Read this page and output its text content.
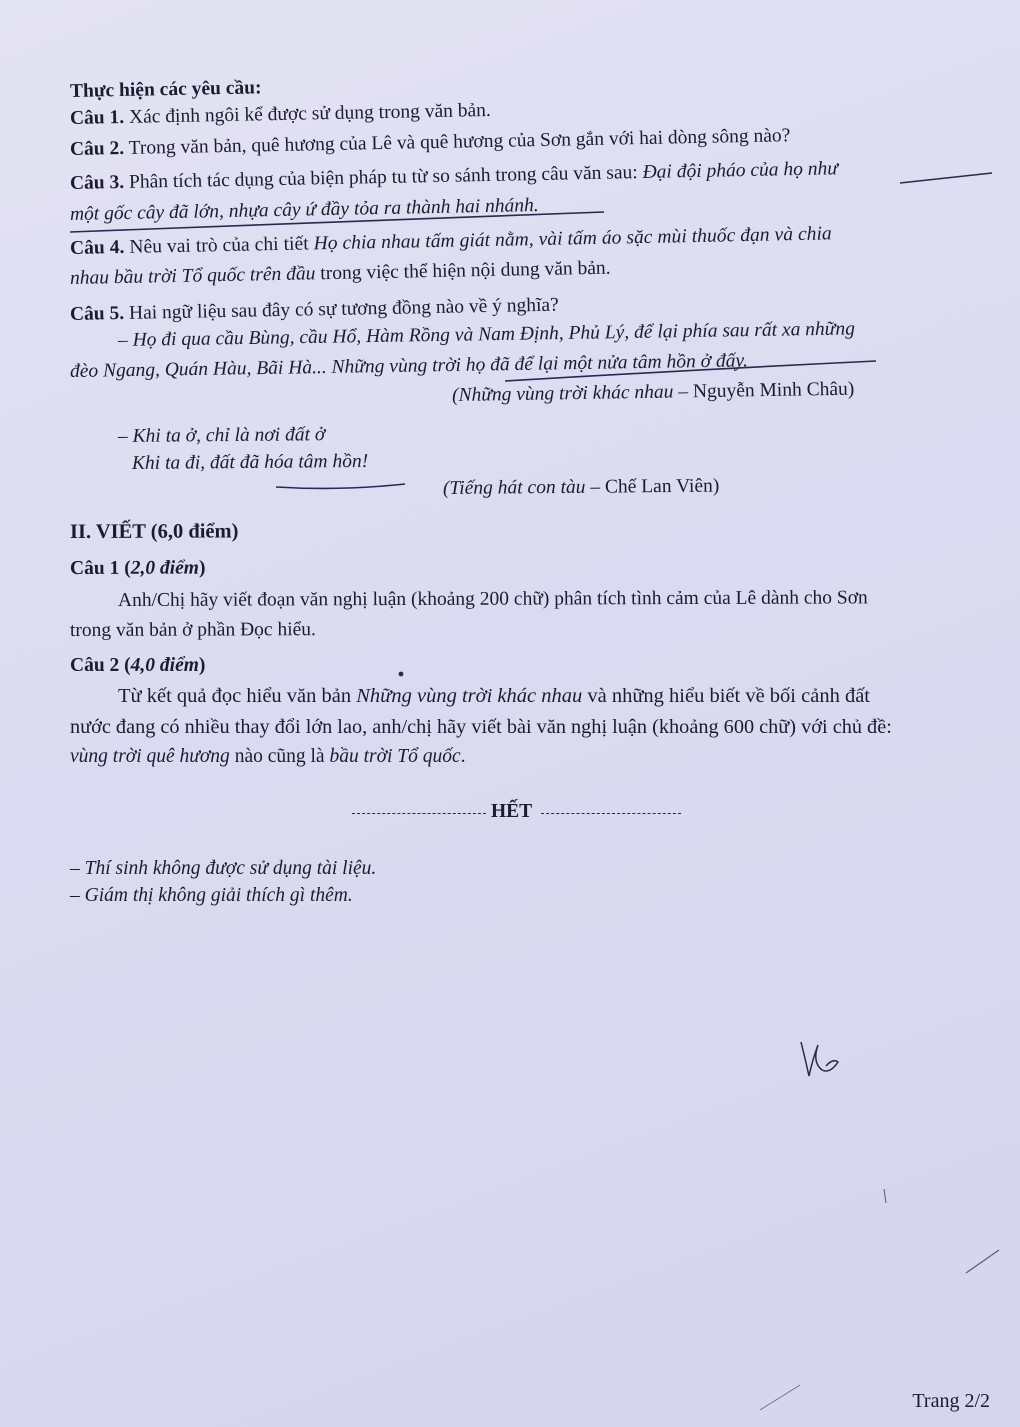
Thực hiện các yêu cầu:
Câu 1. Xác định ngôi kể được sử dụng trong văn bản.
Câu 2. Trong văn bản, quê hương của Lê và quê hương của Sơn gắn với hai dòng sông nào?
Câu 3. Phân tích tác dụng của biện pháp tu từ so sánh trong câu văn sau: Đại đội pháo của họ như
một gốc cây đã lớn, nhựa cây ứ đầy tỏa ra thành hai nhánh.
Câu 4. Nêu vai trò của chi tiết Họ chia nhau tấm giát nằm, vài tấm áo sặc mùi thuốc đạn và chia
nhau bầu trời Tổ quốc trên đầu trong việc thể hiện nội dung văn bản.
Câu 5. Hai ngữ liệu sau đây có sự tương đồng nào về ý nghĩa?
– Họ đi qua cầu Bùng, cầu Hổ, Hàm Rồng và Nam Định, Phủ Lý, để lại phía sau rất xa những
đèo Ngang, Quán Hàu, Bãi Hà... Những vùng trời họ đã để lại một nửa tâm hồn ở đấy.
(Những vùng trời khác nhau – Nguyễn Minh Châu)
– Khi ta ở, chỉ là nơi đất ở
Khi ta đi, đất đã hóa tâm hồn!
(Tiếng hát con tàu – Chế Lan Viên)
II. VIẾT (6,0 điểm)
Câu 1 (2,0 điểm)
Anh/Chị hãy viết đoạn văn nghị luận (khoảng 200 chữ) phân tích tình cảm của Lê dành cho Sơn
trong văn bản ở phần Đọc hiểu.
Câu 2 (4,0 điểm)
Từ kết quả đọc hiểu văn bản Những vùng trời khác nhau và những hiểu biết về bối cảnh đất
nước đang có nhiều thay đổi lớn lao, anh/chị hãy viết bài văn nghị luận (khoảng 600 chữ) với chủ đề:
vùng trời quê hương nào cũng là bầu trời Tổ quốc.
HẾT
– Thí sinh không được sử dụng tài liệu.
– Giám thị không giải thích gì thêm.
Trang 2/2
